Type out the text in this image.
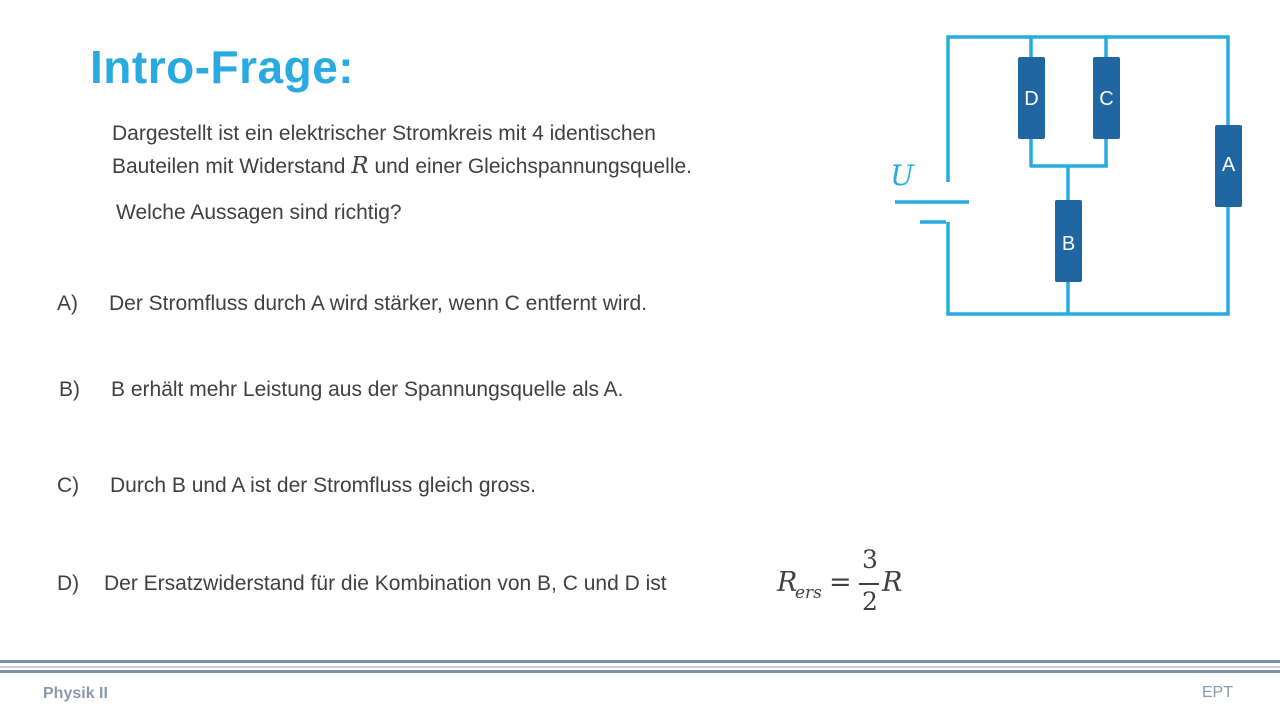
Intro-Frage:
Dargestellt ist ein elektrischer Stromkreis mit 4 identischen
Bauteilen mit Widerstand R und einer Gleichspannungsquelle.
Welche Aussagen sind richtig?
A) Der Stromfluss durch A wird stärker, wenn C entfernt wird.
B) B erhält mehr Leistung aus der Spannungsquelle als A.
C) Durch B und A ist der Stromfluss gleich gross.
D) Der Ersatzwiderstand für die Kombination von B, C und D ist	R
ers =
3
2
R
D	C
A
B
U
Physik II	EPT
